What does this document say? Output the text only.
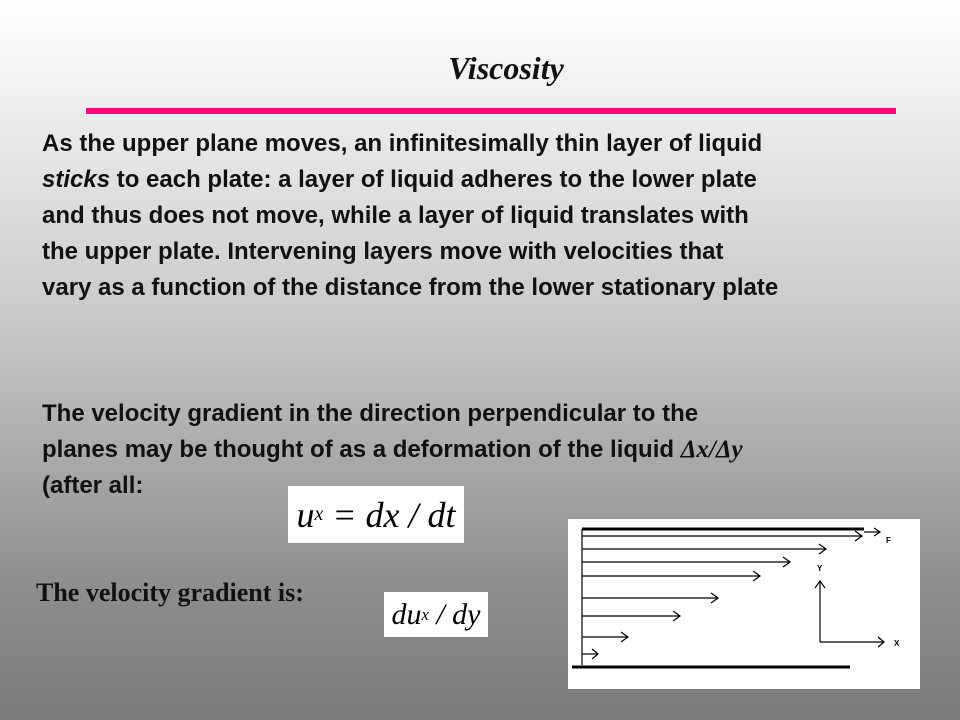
Viscosity
As the upper plane moves, an infinitesimally thin layer of liquid
sticks to each plate: a layer of liquid adheres to the lower plate
and thus does not move, while a layer of liquid translates with
the upper plate. Intervening layers move with velocities that
vary as a function of the distance from the lower stationary plate
The velocity gradient in the direction perpendicular to the
planes may be thought of as a deformation of the liquid Δx/Δy
(after all:
u x = dx / dt
The velocity gradient is:
du x / dy
F
Y
X
